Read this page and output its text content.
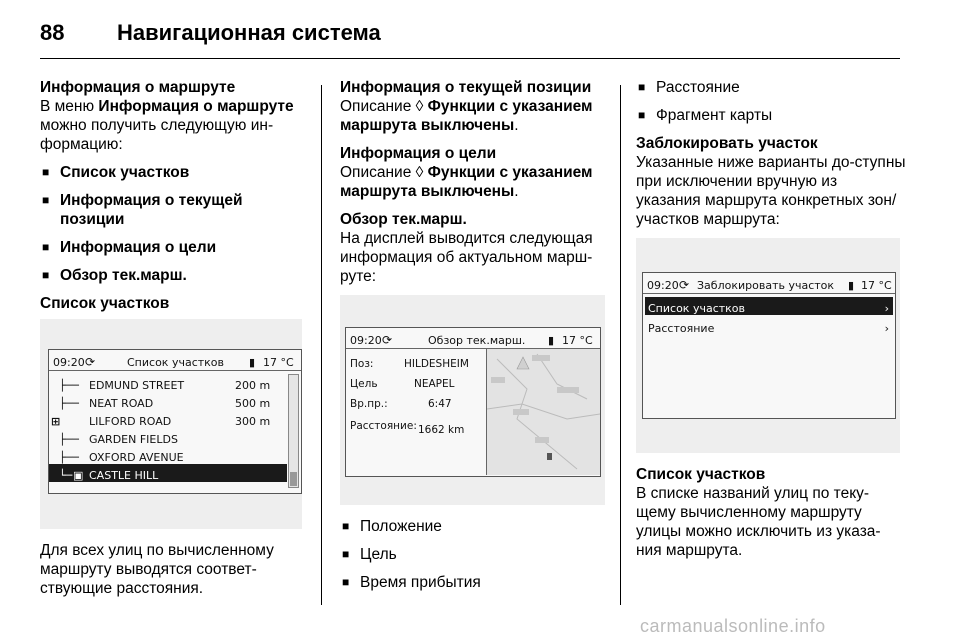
88 Навигационная система
Информация о маршруте

В меню Информация о маршруте можно получить следующую ин-формацию:

■ Список участков
■ Информация о текущей позиции
■ Информация о цели
■ Обзор тек.марш.
Список участков
09:20 ⟳	Список участков ▮ 17 °C
├── EDMUND STREET	200 m
├── NEAT ROAD	500 m
⊞	LILFORD ROAD	300 m
├── GARDEN FIELDS
├── OXFORD AVENUE
└─ ▣ CASTLE HILL

Для всех улиц по вычисленному маршруту выводятся соответ-ствующие расстояния.

Информация о текущей позиции

Описание ◊ Функции с указанием маршрута выключены.

Информация о цели

Описание ◊ Функции с указанием маршрута выключены.

Обзор тек.марш.

На дисплей выводится следующая информация об актуальном марш-руте:

09:20 ⟳	Обзор тек.марш. ▮ 17 °C
Поз:	HILDESHEIM
Цель	NEAPEL
Вр.пр.:	6:47
Расстояние: 1662 km
■ Положение
■ Цель
■ Время прибытия
■ Расстояние
■ Фрагмент карты
Заблокировать участок

Указанные ниже варианты до-ступны при исключении вручную из указания маршрута конкретных зон/участков маршрута:

09:20 ⟳ Заблокировать участок ▮ 17 °C
Список участков	›
Расстояние	›
Список участков

В списке названий улиц по теку-щему вычисленному маршруту улицы можно исключить из указа-ния маршрута.

carmanualsonline.info
